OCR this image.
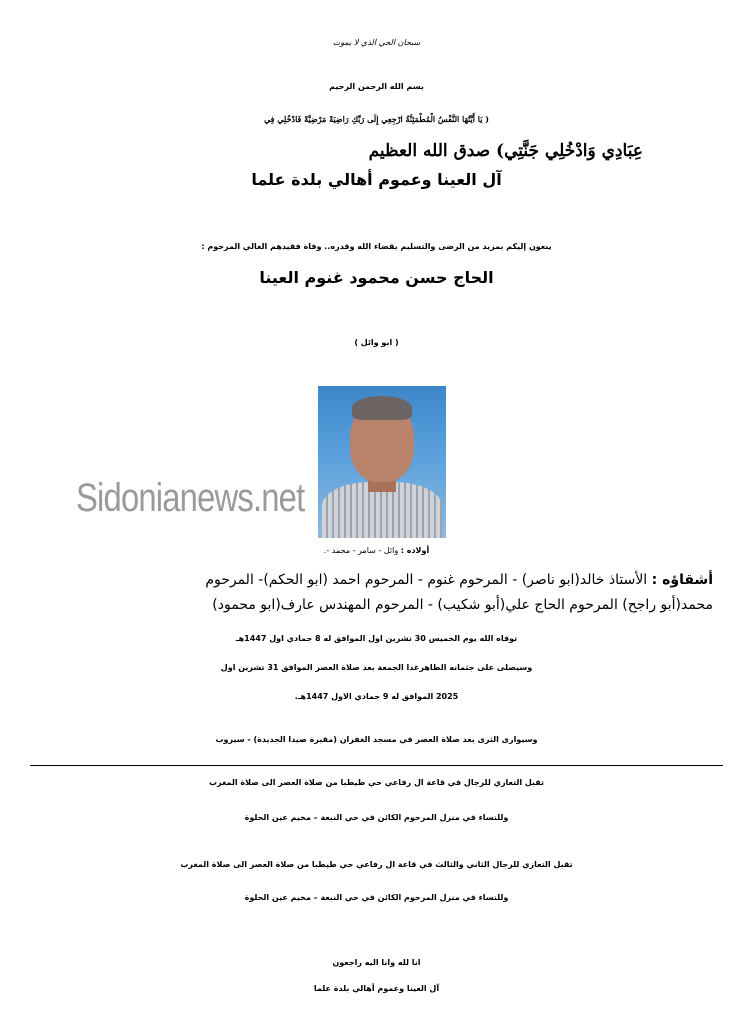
سبحان الحي الذي لا يموت
بسم الله الرحمن الرحيم
( يَا أَيَّتُهَا النَّفْسُ الْمُطْمَئِنَّةُ ارْجِعِي إِلَى رَبِّكِ رَاضِيَةً مَرْضِيَّةً فَادْخُلِي فِي
عِبَادِي وَادْخُلِي جَنَّتِي) صدق الله العظيم
آل العينا وعموم أهالي بلدة علما
ينعون إليكم بمزيد من الرضى والتسليم بقضاء الله وقدره.. وفاة فقيدهم الغالي المرحوم :
الحاج حسن محمود غنوم العينا
( ابو وائل )
Sidonianews.net
أولاده : وائل - سامر - محمد -.
أشقاؤه : الأستاذ خالد(ابو ناصر) - المرحوم غنوم - المرحوم احمد (ابو الحكم)- المرحوم
محمد(أبو راجح) المرحوم الحاج علي(أبو شكيب) - المرحوم المهندس عارف(ابو محمود)
توفاه الله يوم الخميس 30 تشرين اول الموافق له 8 جمادي اول 1447هـ
وسيصلى على جثمانه الطاهرغدا الجمعة بعد صلاة العصر الموافق 31 تشرين اول
2025 الموافق له 9 جمادي الاول 1447هـ.
وسيوارى الثرى بعد صلاة العصر في مسجد الغفران (مقبرة صيدا الجديدة) - سيروب
تقبل التعازي للرجال في قاعة ال رفاعي حي طيطبا من صلاة العصر الى صلاة المغرب
وللنساء في منزل المرحوم الكائن في حي النبعة – مخيم عين الحلوة
تقبل التعازي للرجال الثاني والثالث في قاعة ال رفاعي حي طيطبا من صلاة العصر الى صلاة المغرب
وللنساء في منزل المرحوم الكائن في حي النبعة – مخيم عين الحلوة
انا لله وانا اليه راجعون
آل العينا وعموم أهالي بلدة علما
